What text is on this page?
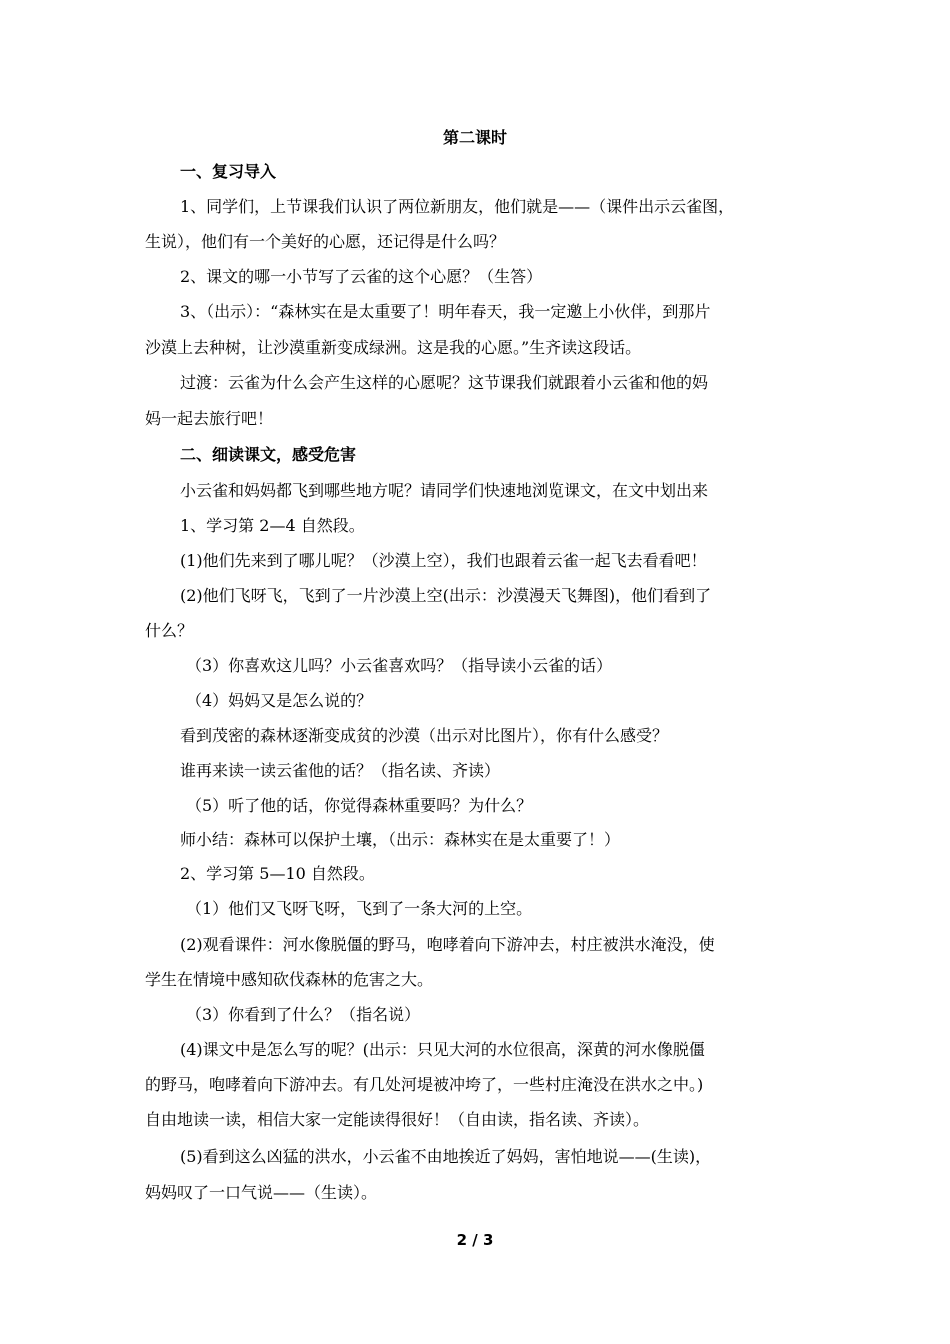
第二课时
一、复习导入
1、同学们，上节课我们认识了两位新朋友，他们就是——（课件出示云雀图，
生说），他们有一个美好的心愿，还记得是什么吗？
2、课文的哪一小节写了云雀的这个心愿？（生答）
3、（出示）：“森林实在是太重要了！明年春天，我一定邀上小伙伴，到那片
沙漠上去种树，让沙漠重新变成绿洲。这是我的心愿。”生齐读这段话。
过渡：云雀为什么会产生这样的心愿呢？这节课我们就跟着小云雀和他的妈
妈一起去旅行吧！
二、细读课文，感受危害
小云雀和妈妈都飞到哪些地方呢？请同学们快速地浏览课文，在文中划出来
1、学习第 2—4 自然段。
(1)他们先来到了哪儿呢？（沙漠上空），我们也跟着云雀一起飞去看看吧！
(2)他们飞呀飞，飞到了一片沙漠上空(出示：沙漠漫天飞舞图)，他们看到了
什么？
（3）你喜欢这儿吗？小云雀喜欢吗？（指导读小云雀的话）
（4）妈妈又是怎么说的？
看到茂密的森林逐渐变成贫的沙漠（出示对比图片），你有什么感受？
谁再来读一读云雀他的话？（指名读、齐读）
（5）听了他的话，你觉得森林重要吗？为什么？
师小结：森林可以保护土壤，（出示：森林实在是太重要了！）
2、学习第 5—10 自然段。
（1）他们又飞呀飞呀，飞到了一条大河的上空。
(2)观看课件：河水像脱僵的野马，咆哮着向下游冲去，村庄被洪水淹没，使
学生在情境中感知砍伐森林的危害之大。
（3）你看到了什么？（指名说）
(4)课文中是怎么写的呢？(出示：只见大河的水位很高，深黄的河水像脱僵
的野马，咆哮着向下游冲去。有几处河堤被冲垮了，一些村庄淹没在洪水之中。)
自由地读一读，相信大家一定能读得很好！（自由读，指名读、齐读）。
(5)看到这么凶猛的洪水，小云雀不由地挨近了妈妈，害怕地说——(生读)，
妈妈叹了一口气说——（生读）。
2 / 3
